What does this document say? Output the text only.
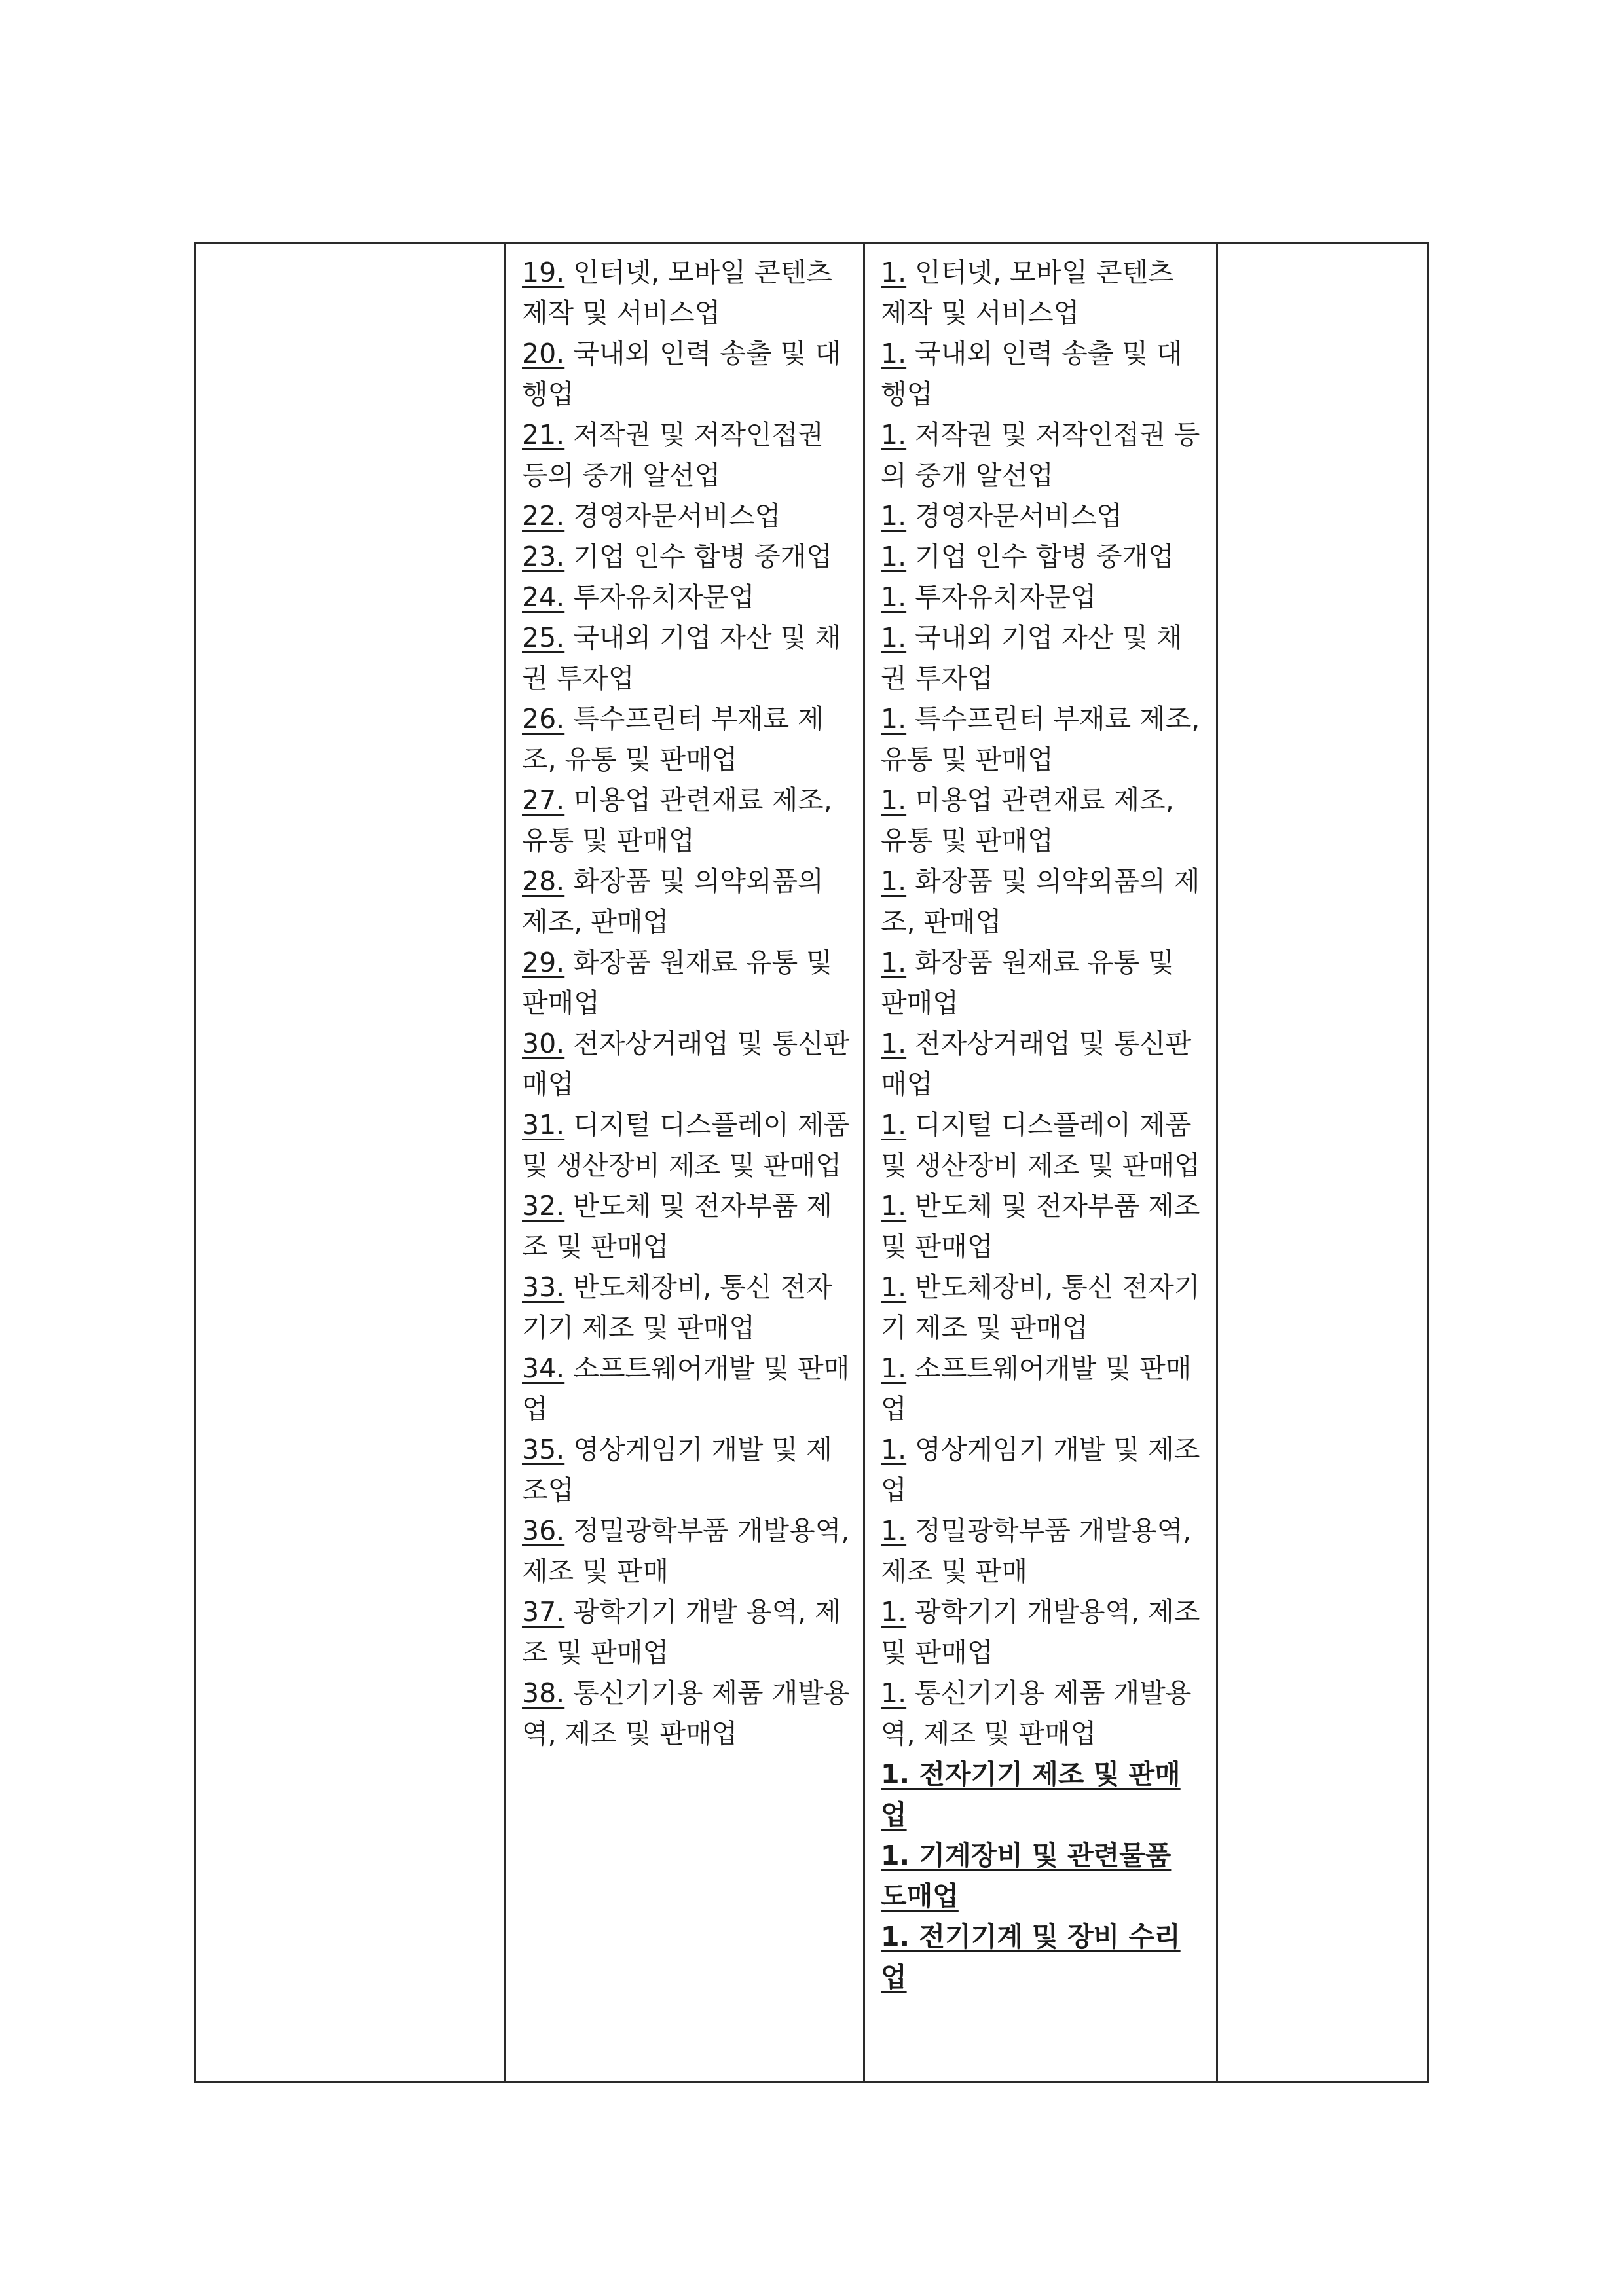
19. 인터넷, 모바일 콘텐츠 제작 및 서비스업
20. 국내외 인력 송출 및 대행업
21. 저작권 및 저작인접권 등의 중개 알선업
22. 경영자문서비스업
23. 기업 인수 합병 중개업
24. 투자유치자문업
25. 국내외 기업 자산 및 채권 투자업
26. 특수프린터 부재료 제조, 유통 및 판매업
27. 미용업 관련재료 제조, 유통 및 판매업
28. 화장품 및 의약외품의 제조, 판매업
29. 화장품 원재료 유통 및 판매업
30. 전자상거래업 및 통신판매업
31. 디지털 디스플레이 제품 및 생산장비 제조 및 판매업
32. 반도체 및 전자부품 제조 및 판매업
33. 반도체장비, 통신 전자기기 제조 및 판매업
34. 소프트웨어개발 및 판매업
35. 영상게임기 개발 및 제조업
36. 정밀광학부품 개발용역, 제조 및 판매
37. 광학기기 개발 용역, 제조 및 판매업
38. 통신기기용 제품 개발용역, 제조 및 판매업
1. 인터넷, 모바일 콘텐츠 제작 및 서비스업
1. 국내외 인력 송출 및 대행업
1. 저작권 및 저작인접권 등의 중개 알선업
1. 경영자문서비스업
1. 기업 인수 합병 중개업
1. 투자유치자문업
1. 국내외 기업 자산 및 채권 투자업
1. 특수프린터 부재료 제조, 유통 및 판매업
1. 미용업 관련재료 제조, 유통 및 판매업
1. 화장품 및 의약외품의 제조, 판매업
1. 화장품 원재료 유통 및 판매업
1. 전자상거래업 및 통신판매업
1. 디지털 디스플레이 제품 및 생산장비 제조 및 판매업
1. 반도체 및 전자부품 제조 및 판매업
1. 반도체장비, 통신 전자기기 제조 및 판매업
1. 소프트웨어개발 및 판매업
1. 영상게임기 개발 및 제조업
1. 정밀광학부품 개발용역, 제조 및 판매
1. 광학기기 개발용역, 제조 및 판매업
1. 통신기기용 제품 개발용역, 제조 및 판매업
1. 전자기기 제조 및 판매업
1. 기계장비 및 관련물품 도매업
1. 전기기계 및 장비 수리업
